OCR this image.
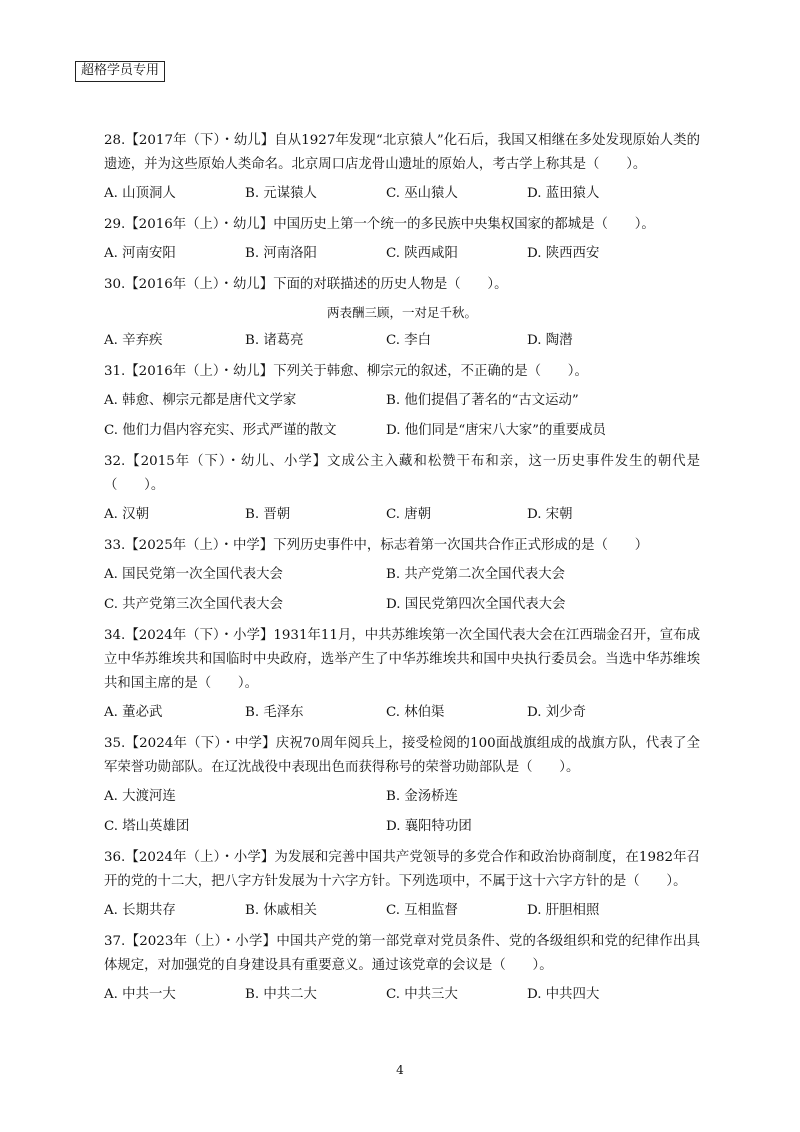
超格学员专用

28.【2017年（下）・幼儿】自从1927年发现“北京猿人”化石后，我国又相继在多处发现原始人类的遗迹，并为这些原始人类命名。北京周口店龙骨山遗址的原始人，考古学上称其是（　　）。

A. 山顶洞人	B. 元谋猿人	C. 巫山猿人	D. 蓝田猿人

29.【2016年（上）・幼儿】中国历史上第一个统一的多民族中央集权国家的都城是（　　）。

A. 河南安阳	B. 河南洛阳	C. 陕西咸阳	D. 陕西西安

30.【2016年（上）・幼儿】下面的对联描述的历史人物是（　　）。

两表酬三顾，一对足千秋。
A. 辛弃疾	B. 诸葛亮	C. 李白	D. 陶潜

31.【2016年（上）・幼儿】下列关于韩愈、柳宗元的叙述，不正确的是（　　）。

A. 韩愈、柳宗元都是唐代文学家	B. 他们提倡了著名的“古文运动”
C. 他们力倡内容充实、形式严谨的散文	D. 他们同是“唐宋八大家”的重要成员

32.【2015年（下）・幼儿、小学】文成公主入藏和松赞干布和亲，这一历史事件发生的朝代是（　　）。

A. 汉朝	B. 晋朝	C. 唐朝	D. 宋朝

33.【2025年（上）・中学】下列历史事件中，标志着第一次国共合作正式形成的是（　　）

A. 国民党第一次全国代表大会	B. 共产党第二次全国代表大会
C. 共产党第三次全国代表大会	D. 国民党第四次全国代表大会

34.【2024年（下）・小学】1931年11月，中共苏维埃第一次全国代表大会在江西瑞金召开，宣布成立中华苏维埃共和国临时中央政府，选举产生了中华苏维埃共和国中央执行委员会。当选中华苏维埃共和国主席的是（　　）。

A. 董必武	B. 毛泽东	C. 林伯渠	D. 刘少奇

35.【2024年（下）・中学】庆祝70周年阅兵上，接受检阅的100面战旗组成的战旗方队，代表了全军荣誉功勋部队。在辽沈战役中表现出色而获得称号的荣誉功勋部队是（　　）。

A. 大渡河连	B. 金汤桥连
C. 塔山英雄团	D. 襄阳特功团

36.【2024年（上）・小学】为发展和完善中国共产党领导的多党合作和政治协商制度，在1982年召开的党的十二大，把八字方针发展为十六字方针。下列选项中，不属于这十六字方针的是（　　）。

A. 长期共存	B. 休戚相关	C. 互相监督	D. 肝胆相照

37.【2023年（上）・小学】中国共产党的第一部党章对党员条件、党的各级组织和党的纪律作出具体规定，对加强党的自身建设具有重要意义。通过该党章的会议是（　　）。

A. 中共一大	B. 中共二大	C. 中共三大	D. 中共四大
4
